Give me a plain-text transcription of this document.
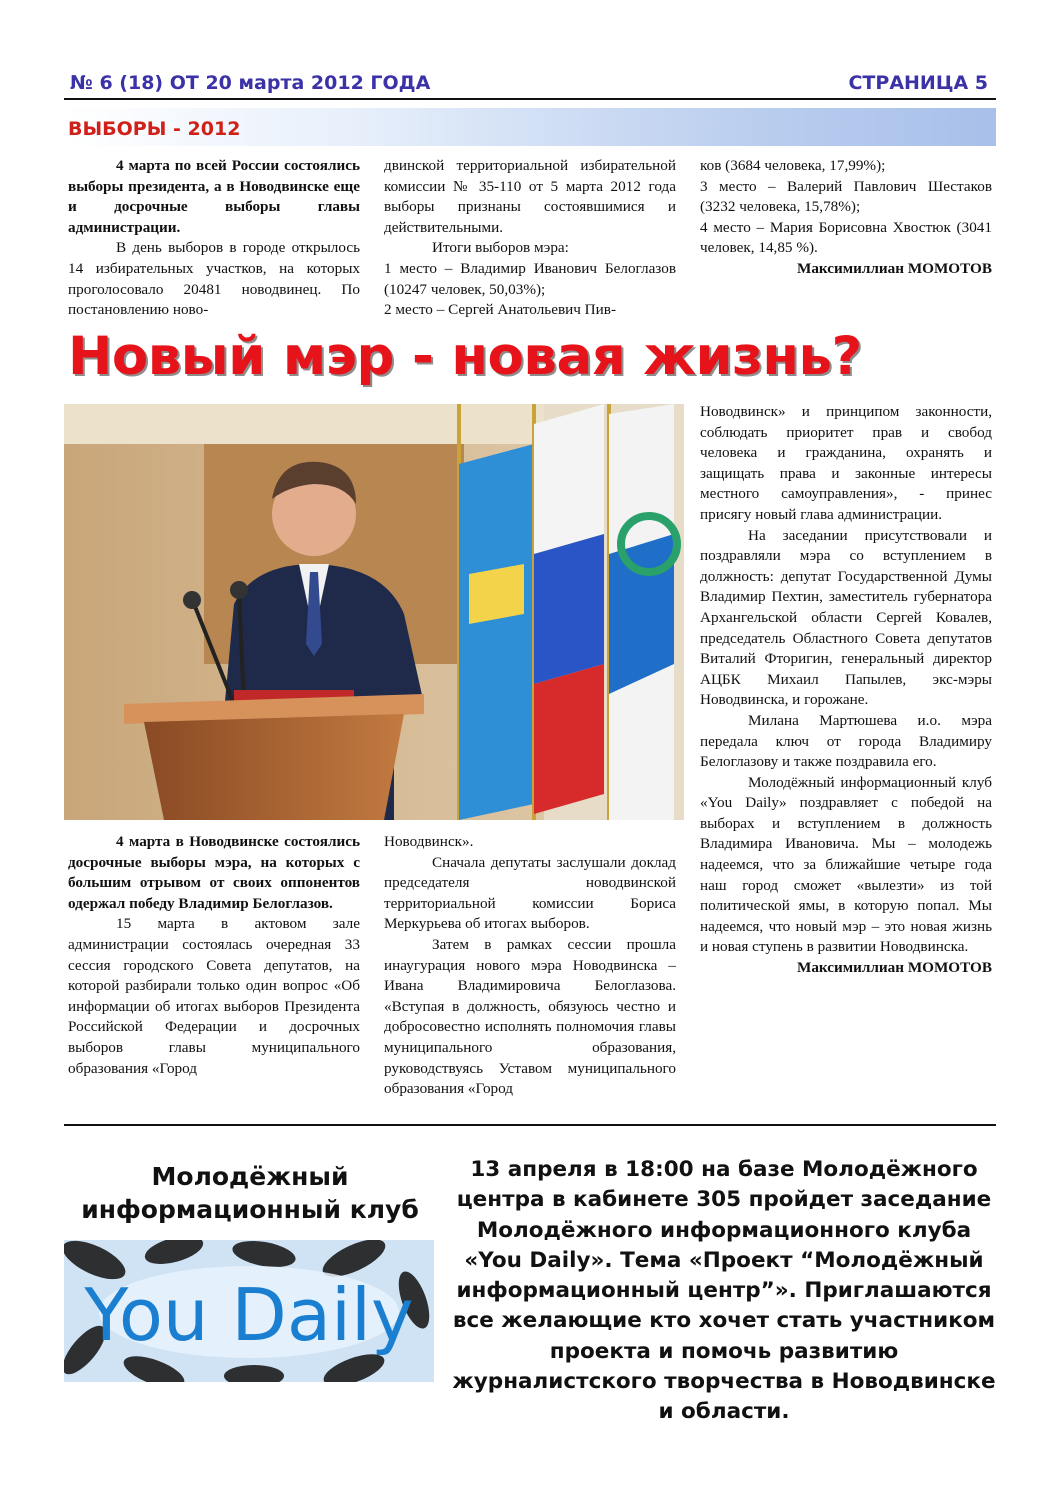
№ 6 (18) ОТ 20 марта 2012 ГОДА	СТРАНИЦА 5
ВЫБОРЫ - 2012

4 марта по всей России состоялись выборы президента, а в Новодвинске еще и досрочные выборы главы администрации.

В день выборов в городе открылось 14 избирательных участков, на которых проголосовало 20481 новодвинец. По постановлению ново-

двинской территориальной избирательной комиссии № 35-110 от 5 марта 2012 года выборы признаны состоявшимися и действительными.

Итоги выборов мэра:

1 место – Владимир Иванович Белоглазов (10247 человек, 50,03%);

2 место – Сергей Анатольевич Пив-

ков (3684 человека, 17,99%);

3 место – Валерий Павлович Шестаков (3232 человека, 15,78%);

4 место – Мария Борисовна Хвостюк (3041 человек, 14,85 %).

Максимиллиан МОМОТОВ

Новый мэр - новая жизнь?

4 марта в Новодвинске состоялись досрочные выборы мэра, на которых с большим отрывом от своих оппонентов одержал победу Владимир Белоглазов.

15 марта в актовом зале администрации состоялась очередная 33 сессия городского Совета депутатов, на которой разбирали только один вопрос «Об информации об итогах выборов Президента Российской Федерации и досрочных выборов главы муниципального образования «Город

Новодвинск».

Сначала депутаты заслушали доклад председателя новодвинской территориальной комиссии Бориса Меркурьева об итогах выборов.

Затем в рамках сессии прошла инаугурация нового мэра Новодвинска – Ивана Владимировича Белоглазова. «Вступая в должность, обязуюсь честно и добросовестно исполнять полномочия главы муниципального образования, руководствуясь Уставом муниципального образования «Город

Новодвинск» и принципом законности, соблюдать приоритет прав и свобод человека и гражданина, охранять и защищать права и законные интересы местного самоуправления», - принес присягу новый глава администрации.

На заседании присутствовали и поздравляли мэра со вступлением в должность: депутат Государственной Думы Владимир Пехтин, заместитель губернатора Архангельской области Сергей Ковалев, председатель Областного Совета депутатов Виталий Фторигин, генеральный директор АЦБК Михаил Папылев, экс-мэры Новодвинска, и горожане.

Милана Мартюшева и.о. мэра передала ключ от города Владимиру Белоглазову и также поздравила его.

Молодёжный информационный клуб «You Daily» поздравляет с победой на выборах и вступлением в должность Владимира Ивановича. Мы – молодежь надеемся, что за ближайшие четыре года наш город сможет «вылезти» из той политической ямы, в которую попал. Мы надеемся, что новый мэр – это новая жизнь и новая ступень в развитии Новодвинска.

Максимиллиан МОМОТОВ

Молодёжный информационный клуб
You Daily
13 апреля в 18:00 на базе Молодёжного центра в кабинете 305 пройдет заседание Молодёжного информационного клуба «You Daily». Тема «Проект “Молодёжный информационный центр”». Приглашаются все желающие кто хочет стать участником проекта и помочь развитию журналистского творчества в Новодвинске и области.
